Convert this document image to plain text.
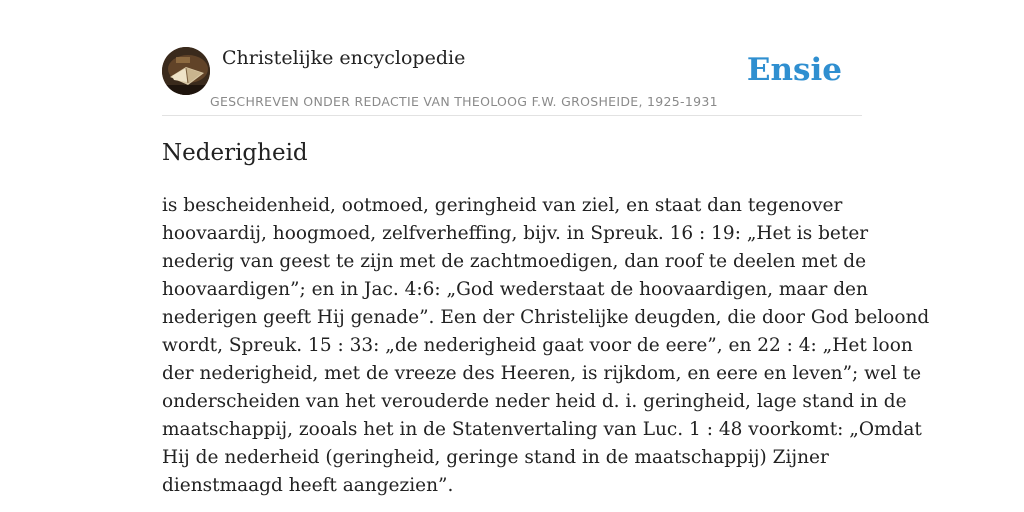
Christelijke encyclopedie
GESCHREVEN ONDER REDACTIE VAN THEOLOOG F.W. GROSHEIDE, 1925-1931
Ensie
Nederigheid
is bescheidenheid, ootmoed, geringheid van ziel, en staat dan tegenover
hoovaardij, hoogmoed, zelfverheffing, bijv. in Spreuk. 16 : 19: „Het is beter
nederig van geest te zijn met de zachtmoedigen, dan roof te deelen met de
hoovaardigen”; en in Jac. 4:6: „God wederstaat de hoovaardigen, maar den
nederigen geeft Hij genade”. Een der Christelijke deugden, die door God beloond
wordt, Spreuk. 15 : 33: „de nederigheid gaat voor de eere”, en 22 : 4: „Het loon
der nederigheid, met de vreeze des Heeren, is rijkdom, en eere en leven”; wel te
onderscheiden van het verouderde neder heid d. i. geringheid, lage stand in de
maatschappij, zooals het in de Statenvertaling van Luc. 1 : 48 voorkomt: „Omdat
Hij de nederheid (geringheid, geringe stand in de maatschappij) Zijner
dienstmaagd heeft aangezien”.
